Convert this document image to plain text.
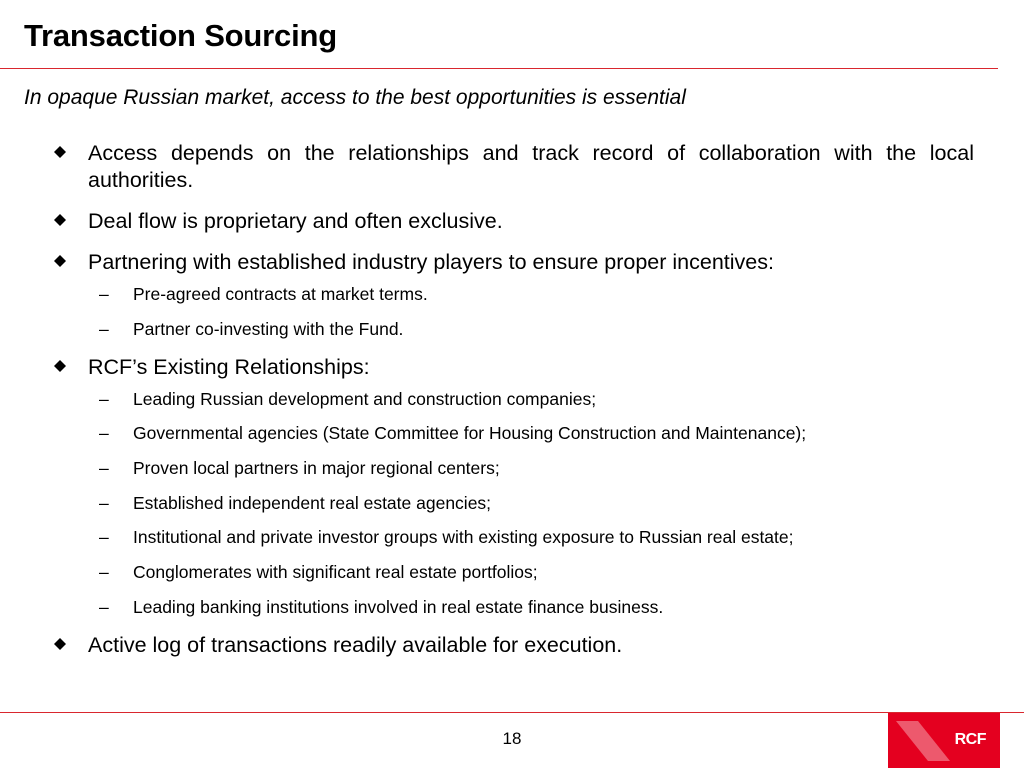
Transaction Sourcing
In opaque Russian market, access to the best opportunities is essential
Access depends on the relationships and track record of collaboration with the local authorities.
Deal flow is proprietary and often exclusive.
Partnering with established industry players to ensure proper incentives:
– Pre-agreed contracts at market terms.
– Partner co-investing with the Fund.
RCF’s Existing Relationships:
– Leading Russian development and construction companies;
– Governmental agencies (State Committee for Housing Construction and Maintenance);
– Proven local partners in major regional centers;
– Established independent real estate agencies;
– Institutional and private investor groups with existing exposure to Russian real estate;
– Conglomerates with significant real estate portfolios;
– Leading banking institutions involved in real estate finance business.
Active log of transactions readily available for execution.
18	RCF
